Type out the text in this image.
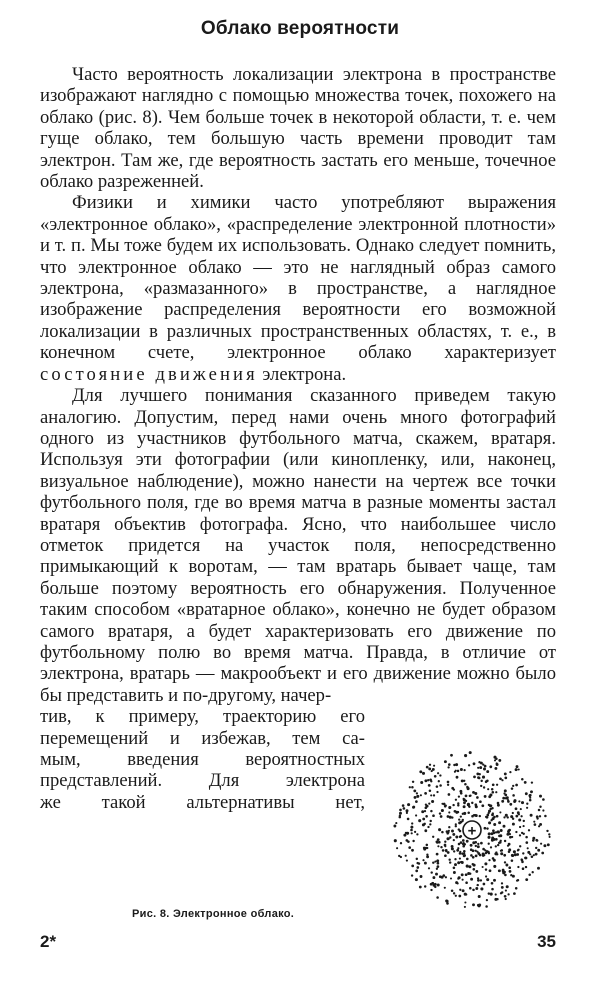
Облако вероятности

Часто вероятность локализации электрона в пространстве изображают наглядно с помощью множества точек, похожего на облако (рис. 8). Чем больше точек в некоторой области, т. е. чем гуще облако, тем большую часть времени проводит там электрон. Там же, где вероятность застать его меньше, точечное облако разреженней.

Физики и химики часто употребляют выражения «электронное облако», «распределение электронной плотности» и т. п. Мы тоже будем их использовать. Однако следует помнить, что электронное облако — это не наглядный образ самого электрона, «размазанного» в пространстве, а наглядное изображение распределения вероятности его возможной локализации в различных пространственных областях, т. е., в конечном счете, электронное облако характеризует состояние движения электрона.

Для лучшего понимания сказанного приведем такую аналогию. Допустим, перед нами очень много фотографий одного из участников футбольного матча, скажем, вратаря. Используя эти фотографии (или кинопленку, или, наконец, визуальное наблюдение), можно нанести на чертеж все точки футбольного поля, где во время матча в разные моменты застал вратаря объектив фотографа. Ясно, что наибольшее число отметок придется на участок поля, непосредственно примыкающий к воротам, — там вратарь бывает чаще, там больше поэтому вероятность его обнаружения. Полученное таким способом «вратарное облако», конечно не будет образом самого вратаря, а будет характеризовать его движение по футбольному полю во время матча. Правда, в отличие от электрона, вратарь — макрообъект и его движение можно было бы представить и по-другому, начер-

тив, к примеру, траекторию его
перемещений и избежав, тем са-
мым, введения вероятностных
представлений. Для электрона
же такой альтернативы нет,
+
Рис. 8. Электронное облако.
2*	35
